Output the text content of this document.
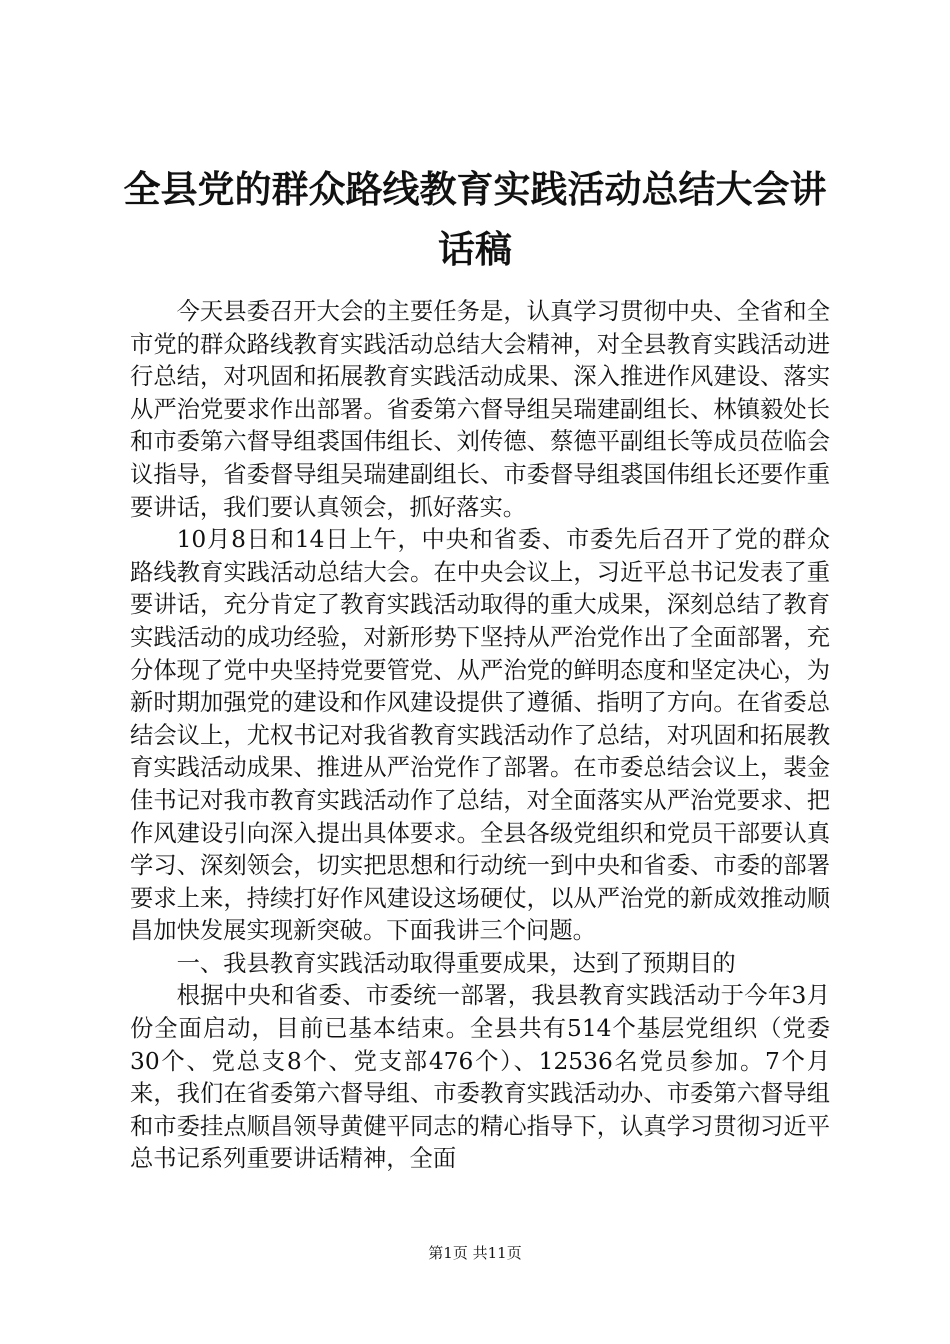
全县党的群众路线教育实践活动总结大会讲话稿

今天县委召开大会的主要任务是，认真学习贯彻中央、全省和全市党的群众路线教育实践活动总结大会精神，对全县教育实践活动进行总结，对巩固和拓展教育实践活动成果、深入推进作风建设、落实从严治党要求作出部署。省委第六督导组吴瑞建副组长、林镇毅处长和市委第六督导组裘国伟组长、刘传德、蔡德平副组长等成员莅临会议指导，省委督导组吴瑞建副组长、市委督导组裘国伟组长还要作重要讲话，我们要认真领会，抓好落实。

10月8日和14日上午，中央和省委、市委先后召开了党的群众路线教育实践活动总结大会。在中央会议上，习近平总书记发表了重要讲话，充分肯定了教育实践活动取得的重大成果，深刻总结了教育实践活动的成功经验，对新形势下坚持从严治党作出了全面部署，充分体现了党中央坚持党要管党、从严治党的鲜明态度和坚定决心，为新时期加强党的建设和作风建设提供了遵循、指明了方向。在省委总结会议上，尤权书记对我省教育实践活动作了总结，对巩固和拓展教育实践活动成果、推进从严治党作了部署。在市委总结会议上，裴金佳书记对我市教育实践活动作了总结，对全面落实从严治党要求、把作风建设引向深入提出具体要求。全县各级党组织和党员干部要认真学习、深刻领会，切实把思想和行动统一到中央和省委、市委的部署要求上来，持续打好作风建设这场硬仗，以从严治党的新成效推动顺昌加快发展实现新突破。下面我讲三个问题。

一、我县教育实践活动取得重要成果，达到了预期目的

根据中央和省委、市委统一部署，我县教育实践活动于今年3月份全面启动，目前已基本结束。全县共有514个基层党组织（党委30个、党总支8个、党支部476个）、12536名党员参加。7个月来，我们在省委第六督导组、市委教育实践活动办、市委第六督导组和市委挂点顺昌领导黄健平同志的精心指导下，认真学习贯彻习近平总书记系列重要讲话精神，全面

第1页 共11页
